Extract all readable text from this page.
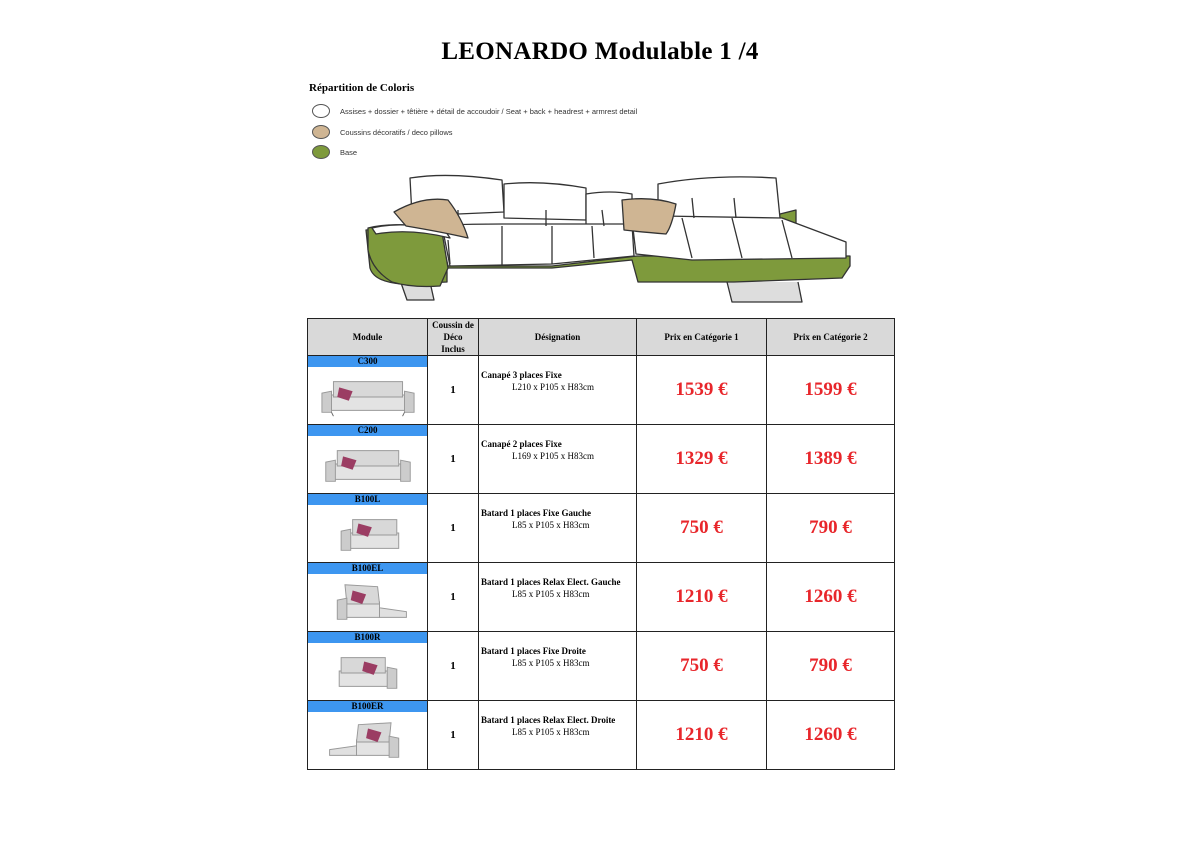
LEONARDO Modulable 1 /4
Répartition de Coloris
Assises + dossier + têtière + détail de accoudoir / Seat + back + headrest + armrest detail
Coussins décoratifs / deco pillows
Base
Module	Coussin de
Déco
Inclus	Désignation	Prix en Catégorie 1	Prix en Catégorie 2

C300	1	Canapé 3 places Fixe
L210 x P105 x H83cm	1539 €	1599 €

C200	1	Canapé 2 places Fixe
L169 x P105 x H83cm	1329 €	1389 €

B100L	1	Batard 1 places Fixe Gauche
L85 x P105 x H83cm	750 €	790 €

B100EL	1	Batard 1 places Relax Elect. Gauche
L85 x P105 x H83cm	1210 €	1260 €

B100R	1	Batard 1 places Fixe Droite
L85 x P105 x H83cm	750 €	790 €

B100ER	1	Batard 1 places Relax Elect. Droite
L85 x P105 x H83cm	1210 €	1260 €
